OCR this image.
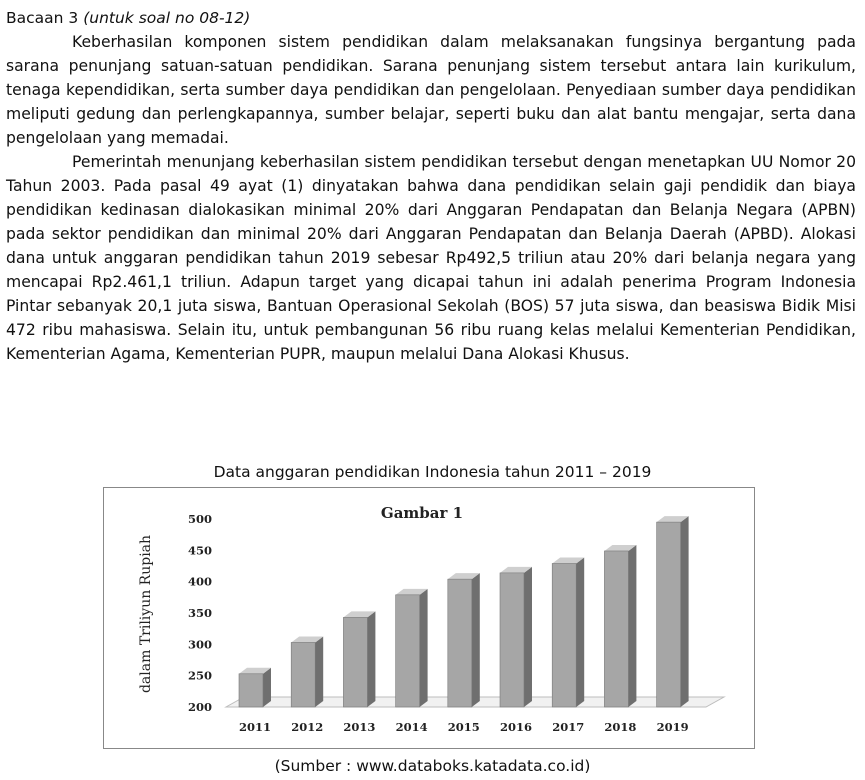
Bacaan 3 (untuk soal no 08-12)

Keberhasilan komponen sistem pendidikan dalam melaksanakan fungsinya bergantung pada sarana penunjang satuan-satuan pendidikan. Sarana penunjang sistem tersebut antara lain kurikulum, tenaga kependidikan, serta sumber daya pendidikan dan pengelolaan. Penyediaan sumber daya pendidikan meliputi gedung dan perlengkapannya, sumber belajar, seperti buku dan alat bantu mengajar, serta dana pengelolaan yang memadai.

Pemerintah menunjang keberhasilan sistem pendidikan tersebut dengan menetapkan UU Nomor 20 Tahun 2003. Pada pasal 49 ayat (1) dinyatakan bahwa dana pendidikan selain gaji pendidik dan biaya pendidikan kedinasan dialokasikan minimal 20% dari Anggaran Pendapatan dan Belanja Negara (APBN) pada sektor pendidikan dan minimal 20% dari Anggaran Pendapatan dan Belanja Daerah (APBD). Alokasi dana untuk anggaran pendidikan tahun 2019 sebesar Rp492,5 triliun atau 20% dari belanja negara yang mencapai Rp2.461,1 triliun. Adapun target yang dicapai tahun ini adalah penerima Program Indonesia Pintar sebanyak 20,1 juta siswa, Bantuan Operasional Sekolah (BOS) 57 juta siswa, dan beasiswa Bidik Misi 472 ribu mahasiswa. Selain itu, untuk pembangunan 56 ribu ruang kelas melalui Kementerian Pendidikan, Kementerian Agama, Kementerian PUPR, maupun melalui Dana Alokasi Khusus.

Data anggaran pendidikan Indonesia tahun 2011 – 2019
200
250
300
350
400
450
500
2011 2012 2013 2014 2015 2016 2017 2018 2019
Gambar 1
dalam Triliyun Rupiah
(Sumber : www.databoks.katadata.co.id)
